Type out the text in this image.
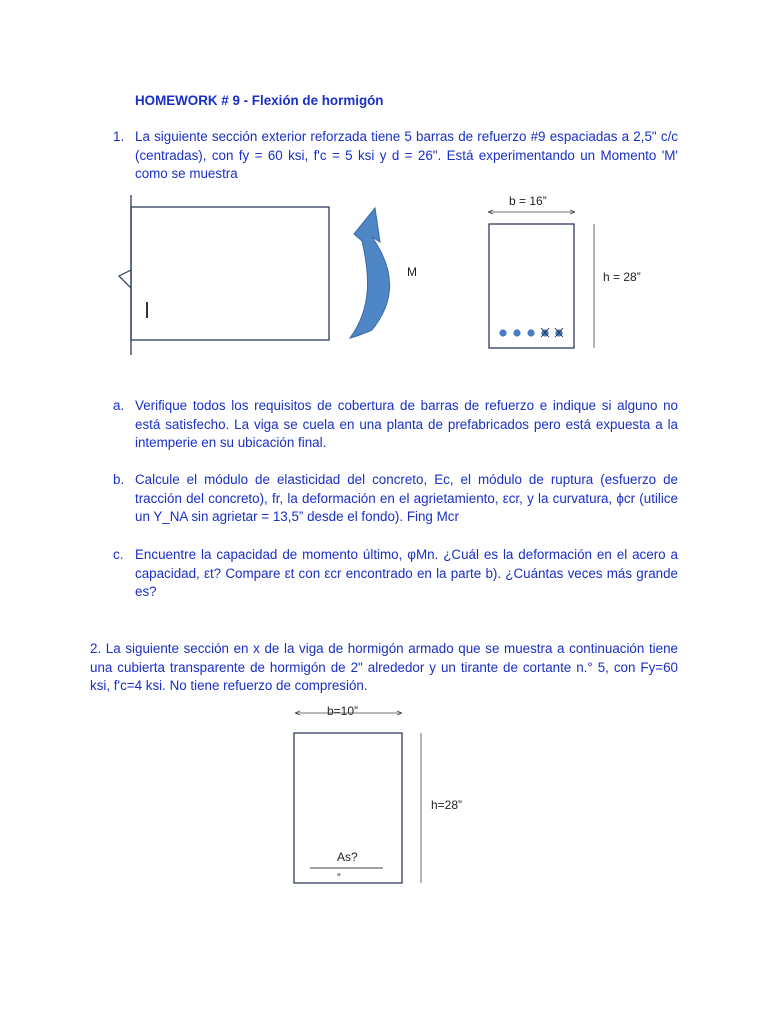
HOMEWORK # 9 - Flexión de hormigón
1. La siguiente sección exterior reforzada tiene 5 barras de refuerzo #9 espaciadas a 2,5" c/c (centradas), con fy = 60 ksi, f'c = 5 ksi y d = 26". Está experimentando un Momento 'M' como se muestra
M
b = 16”
h = 28”
a. Verifique todos los requisitos de cobertura de barras de refuerzo e indique si alguno no está satisfecho. La viga se cuela en una planta de prefabricados pero está expuesta a la intemperie en su ubicación final.
b. Calcule el módulo de elasticidad del concreto, Ec, el módulo de ruptura (esfuerzo de tracción del concreto), fr, la deformación en el agrietamiento, εcr, y la curvatura, ϕcr (utilice un Y_NA sin agrietar = 13,5” desde el fondo). Fing Mcr
c. Encuentre la capacidad de momento último, φMn. ¿Cuál es la deformación en el acero a capacidad, εt? Compare εt con εcr encontrado en la parte b). ¿Cuántas veces más grande es?
2. La siguiente sección en x de la viga de hormigón armado que se muestra a continuación tiene una cubierta transparente de hormigón de 2" alrededor y un tirante de cortante n.° 5, con Fy=60 ksi, f'c=4 ksi. No tiene refuerzo de compresión.
b=10”
h=28”
As?
”
